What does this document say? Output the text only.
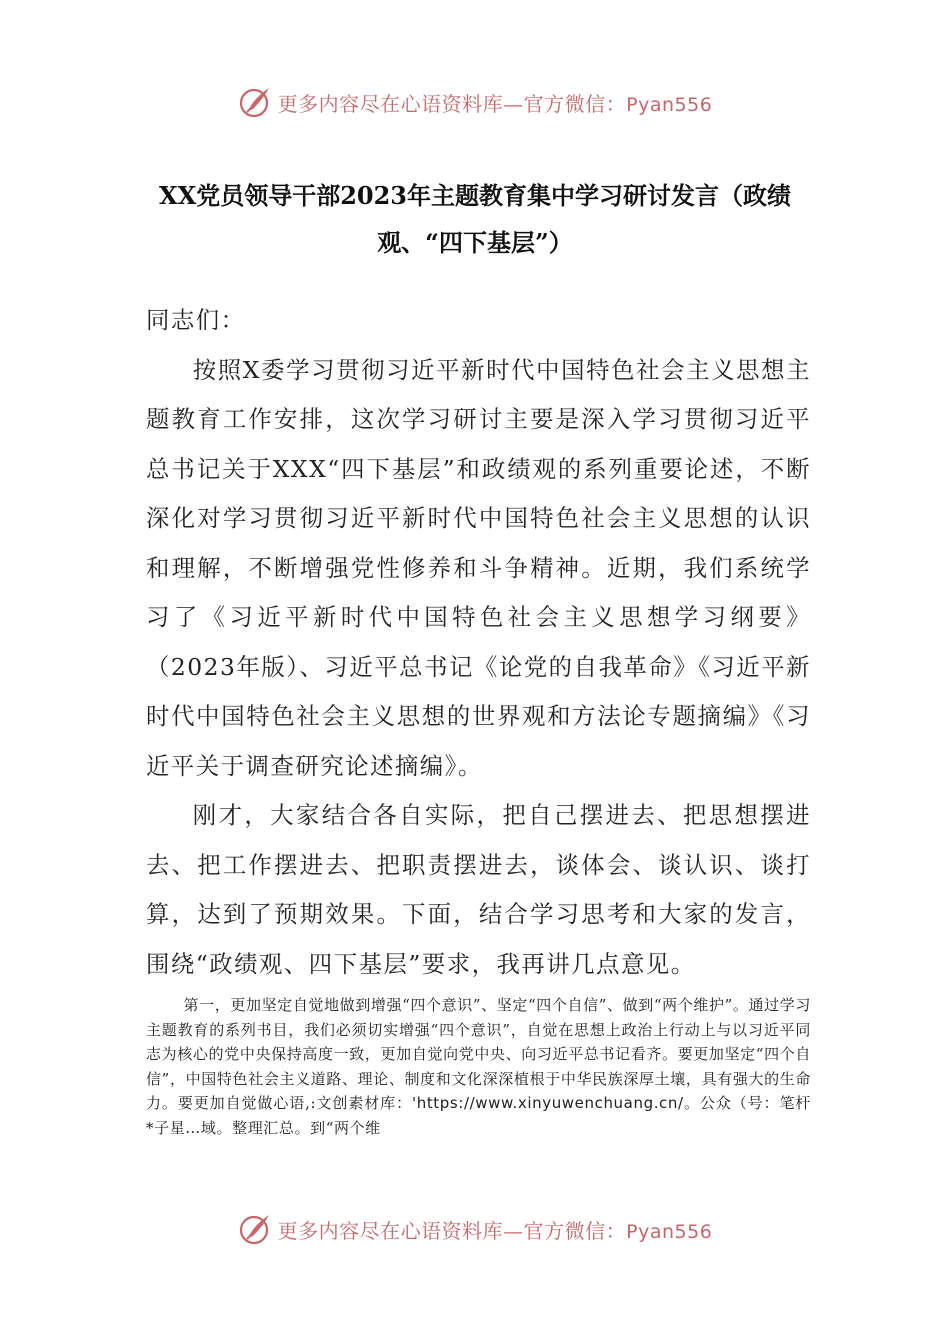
更多内容尽在心语资料库—官方微信：Pyan556
XX党员领导干部2023年主题教育集中学习研讨发言（政绩观、“四下基层”）

同志们：

按照X委学习贯彻习近平新时代中国特色社会主义思想主题教育工作安排，这次学习研讨主要是深入学习贯彻习近平总书记关于XXX“四下基层”和政绩观的系列重要论述，不断深化对学习贯彻习近平新时代中国特色社会主义思想的认识和理解，不断增强党性修养和斗争精神。近期，我们系统学习了《习近平新时代中国特色社会主义思想学习纲要》（2023年版）、习近平总书记《论党的自我革命》《习近平新时代中国特色社会主义思想的世界观和方法论专题摘编》《习近平关于调查研究论述摘编》。

刚才，大家结合各自实际，把自己摆进去、把思想摆进去、把工作摆进去、把职责摆进去，谈体会、谈认识、谈打算，达到了预期效果。下面，结合学习思考和大家的发言，围绕“政绩观、四下基层”要求，我再讲几点意见。

第一，更加坚定自觉地做到增强“四个意识”、坚定“四个自信”、做到“两个维护”。通过学习主题教育的系列书目，我们必须切实增强“四个意识”，自觉在思想上政治上行动上与以习近平同志为核心的党中央保持高度一致，更加自觉向党中央、向习近平总书记看齐。要更加坚定“四个自信”，中国特色社会主义道路、理论、制度和文化深深植根于中华民族深厚土壤，具有强大的生命力。要更加自觉做心语,:文创素材库：'https://www.xinyuwenchuang.cn/。公众（号：笔杆*子星…域。整理汇总。到“两个维
更多内容尽在心语资料库—官方微信：Pyan556
